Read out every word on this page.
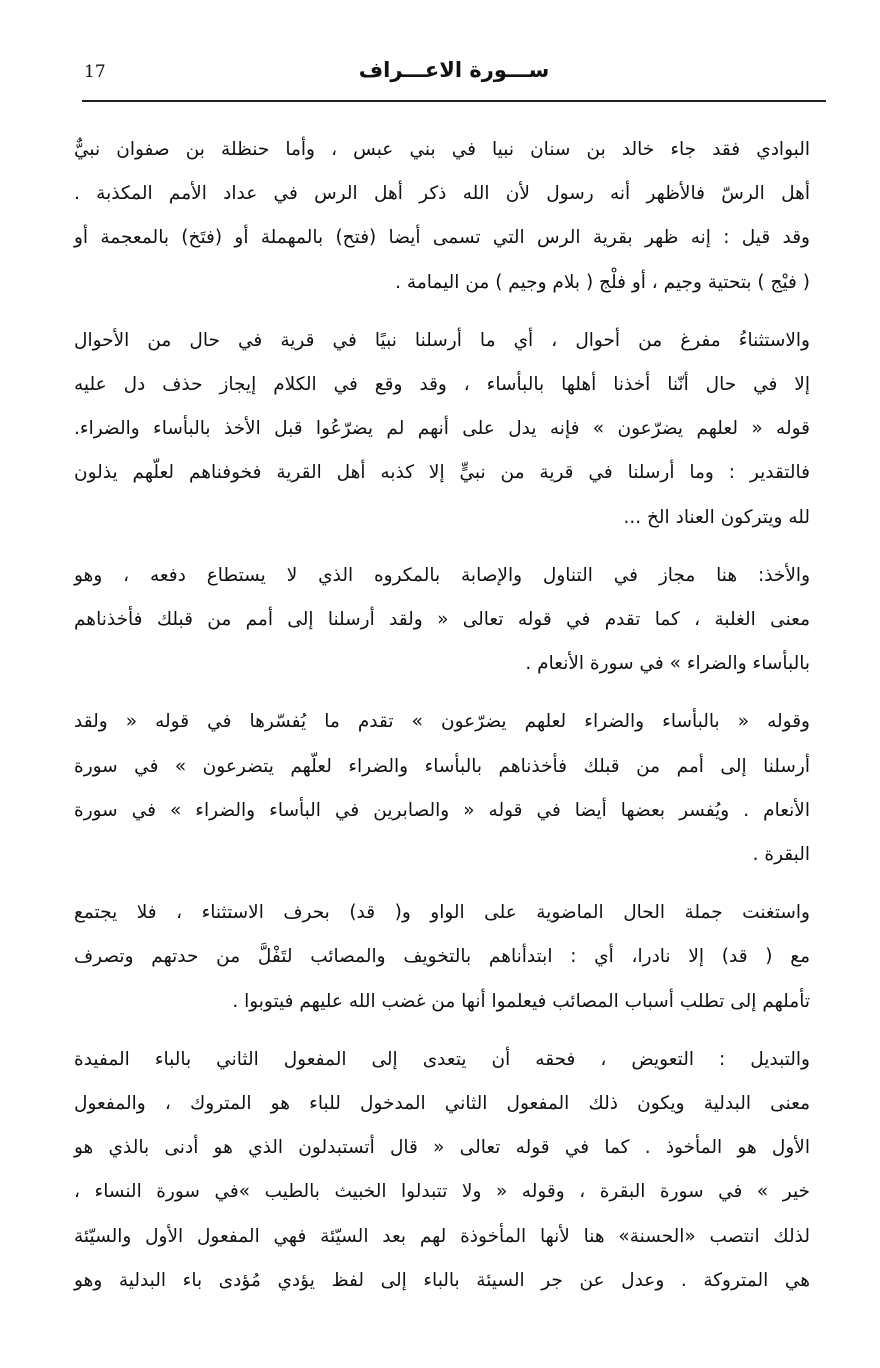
17	ســـورة الاعـــراف

البوادي فقد جاء خالد بن سنان نبيا في بني عبس ، وأما حنظلة بن صفوان نبيٌّ
أهل الرسّ فالأظهر أنه رسول لأن الله ذكر أهل الرس في عداد الأمم المكذبة .
وقد قيل : إنه ظهر بقرية الرس التي تسمى أيضا (فتح) بالمهملة أو (فتَخ) بالمعجمة أو
( فيْج ) بتحتية وجيم ، أو فلْج ( بلام وجيم ) من اليمامة .

والاستثناءُ مفرغ من أحوال ، أي ما أرسلنا نبيًا في قرية في حال من الأحوال
إلا في حال أنّنا أخذنا أهلها بالبأساء ، وقد وقع في الكلام إيجاز حذف دل عليه
قوله « لعلهم يضرّعون » فإنه يدل على أنهم لم يضرّعُوا قبل الأخذ بالبأساء والضراء.
فالتقدير : وما أرسلنا في قرية من نبيٍّ إلا كذبه أهل القرية فخوفناهم لعلّهم يذلون
لله ويتركون العناد الخ ...

والأخذ: هنا مجاز في التناول والإصابة بالمكروه الذي لا يستطاع دفعه ، وهو
معنى الغلبة ، كما تقدم في قوله تعالى « ولقد أرسلنا إلى أمم من قبلك فأخذناهم
بالبأساء والضراء » في سورة الأنعام .

وقوله « بالبأساء والضراء لعلهم يضرّعون » تقدم ما يُفسّرها في قوله « ولقد
أرسلنا إلى أمم من قبلك فأخذناهم بالبأساء والضراء لعلّهم يتضرعون » في سورة
الأنعام . ويُفسر بعضها أيضا في قوله « والصابرين في البأساء والضراء » في سورة
البقرة .

واستغنت جملة الحال الماضوية على الواو و( قد) بحرف الاستثناء ، فلا يجتمع
مع ( قد) إلا نادرا، أي : ابتدأناهم بالتخويف والمصائب لتَفْلَّ من حدتهم وتصرف
تأملهم إلى تطلب أسباب المصائب فيعلموا أنها من غضب الله عليهم فيتوبوا .

والتبديل : التعويض ، فحقه أن يتعدى إلى المفعول الثاني بالباء المفيدة
معنى البدلية ويكون ذلك المفعول الثاني المدخول للباء هو المتروك ، والمفعول
الأول هو المأخوذ . كما في قوله تعالى « قال أتستبدلون الذي هو أدنى بالذي هو
خير » في سورة البقرة ، وقوله « ولا تتبدلوا الخبيث بالطيب »في سورة النساء ،
لذلك انتصب «الحسنة» هنا لأنها المأخوذة لهم بعد السيّئة فهي المفعول الأول والسيّئة
هي المتروكة . وعدل عن جر السيئة بالباء إلى لفظ يؤدي مُؤدى باء البدلية وهو
